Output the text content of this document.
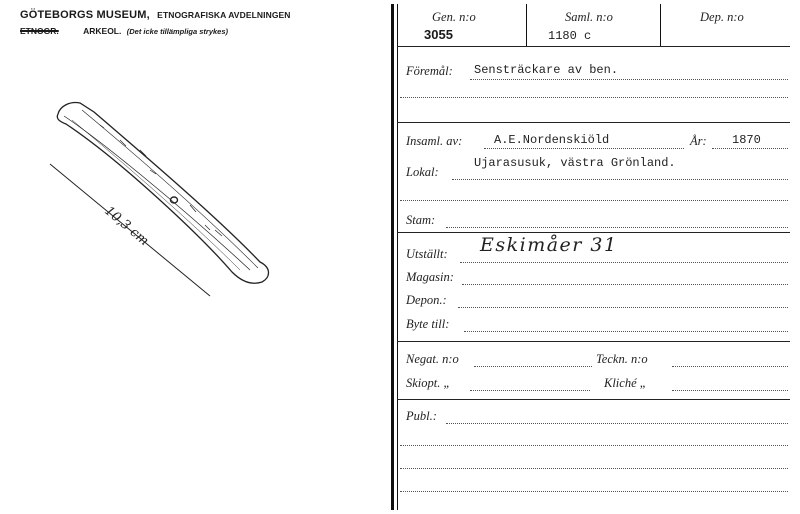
GÖTEBORGS MUSEUM, ETNOGRAFISKA AVDELNINGEN
ETNOGR.	ARKEOL. (Det icke tillämpliga strykes)
10,3 cm
Gen. n:o
3055
Saml. n:o
1180 c
Dep. n:o
Föremål: Sensträckare av ben.
Insaml. av:	A.E.Nordenskiöld	År: 1870
Lokal:
Ujarasusuk, västra Grönland.
Stam:
Utställt: Eskimåer 31
Magasin:
Depon.:
Byte till:
Negat. n:o	Teckn. n:o
Skiopt. „	Kliché „
Publ.:
